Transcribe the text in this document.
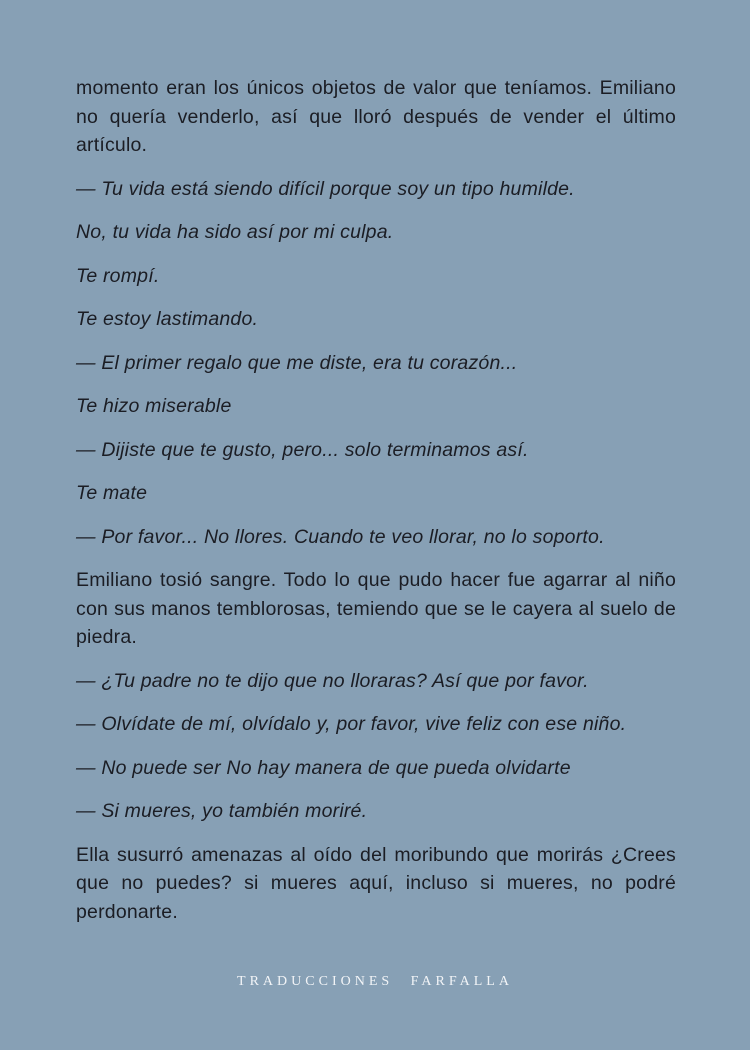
momento eran los únicos objetos de valor que teníamos. Emiliano no quería venderlo, así que lloró después de vender el último artículo.

— Tu vida está siendo difícil porque soy un tipo humilde.

No, tu vida ha sido así por mi culpa.

Te rompí.

Te estoy lastimando.

— El primer regalo que me diste, era tu corazón...

Te hizo miserable

— Dijiste que te gusto, pero... solo terminamos así.

Te mate

— Por favor... No llores. Cuando te veo llorar, no lo soporto.

Emiliano tosió sangre. Todo lo que pudo hacer fue agarrar al niño con sus manos temblorosas, temiendo que se le cayera al suelo de piedra.

— ¿Tu padre no te dijo que no lloraras? Así que por favor.

— Olvídate de mí, olvídalo y, por favor, vive feliz con ese niño.

— No puede ser No hay manera de que pueda olvidarte

— Si mueres, yo también moriré.

Ella susurró amenazas al oído del moribundo que morirás ¿Crees que no puedes? si mueres aquí, incluso si mueres, no podré perdonarte.

TRADUCCIONES FARFALLA
